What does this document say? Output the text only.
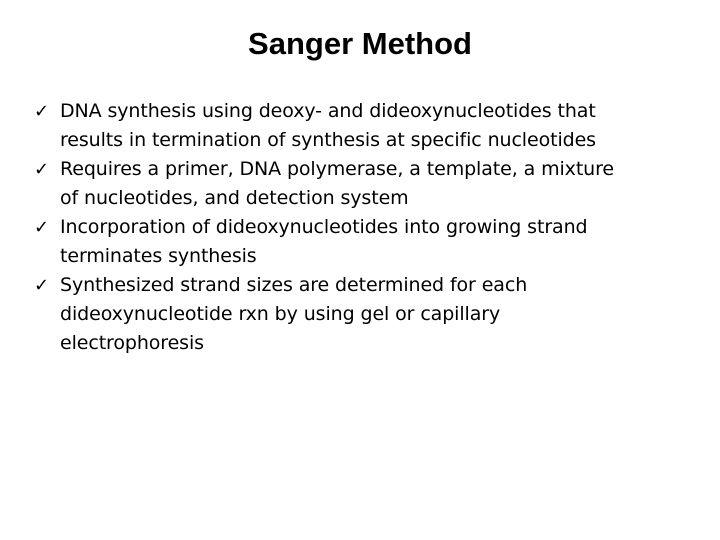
Sanger Method
✓ DNA synthesis using deoxy- and dideoxynucleotides that
results in termination of synthesis at specific nucleotides
✓ Requires a primer, DNA polymerase, a template, a mixture
of nucleotides, and detection system
✓ Incorporation of dideoxynucleotides into growing strand
terminates synthesis
✓ Synthesized strand sizes are determined for each
dideoxynucleotide rxn by using gel or capillary
electrophoresis
